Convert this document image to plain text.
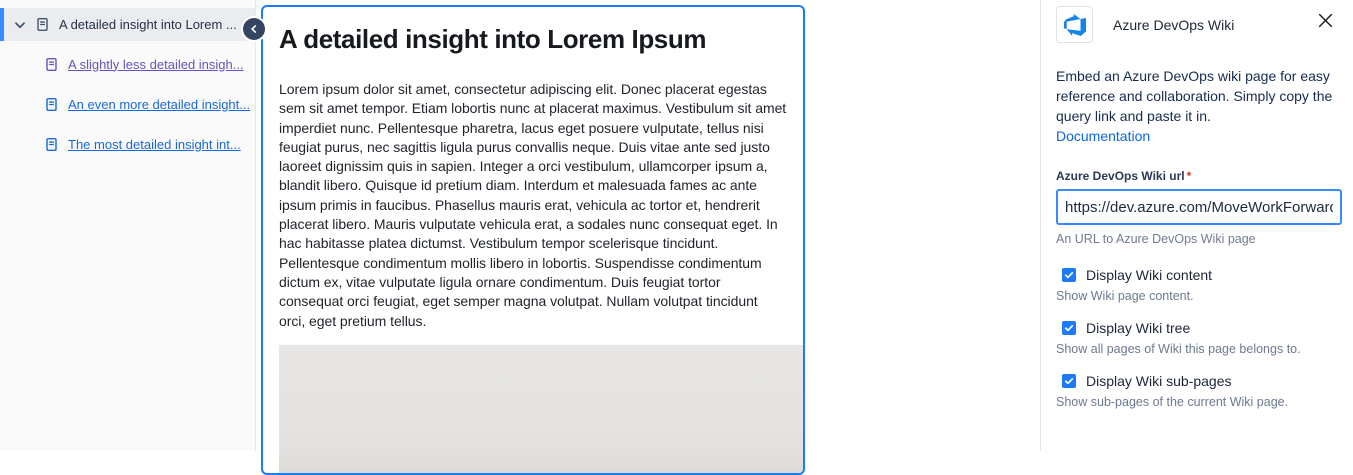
A detailed insight into Lorem ...
A slightly less detailed insigh...
An even more detailed insight...
The most detailed insight int...
A detailed insight into Lorem Ipsum

Lorem ipsum dolor sit amet, consectetur adipiscing elit. Donec placerat egestas sem sit amet tempor. Etiam lobortis nunc at placerat maximus. Vestibulum sit amet imperdiet nunc. Pellentesque pharetra, lacus eget posuere vulputate, tellus nisi feugiat purus, nec sagittis ligula purus convallis neque. Duis vitae ante sed justo laoreet dignissim quis in sapien. Integer a orci vestibulum, ullamcorper ipsum a, blandit libero. Quisque id pretium diam. Interdum et malesuada fames ac ante ipsum primis in faucibus. Phasellus mauris erat, vehicula ac tortor et, hendrerit placerat libero. Mauris vulputate vehicula erat, a sodales nunc consequat eget. In hac habitasse platea dictumst. Vestibulum tempor scelerisque tincidunt. Pellentesque condimentum mollis libero in lobortis. Suspendisse condimentum dictum ex, vitae vulputate ligula ornare condimentum. Duis feugiat tortor consequat orci feugiat, eget semper magna volutpat. Nullam volutpat tincidunt orci, eget pretium tellus.

Azure DevOps Wiki

Embed an Azure DevOps wiki page for easy reference and collaboration. Simply copy the query link and paste it in.

Documentation
Azure DevOps Wiki url *
https://dev.azure.com/MoveWorkForward/P
An URL to Azure DevOps Wiki page
Display Wiki content
Show Wiki page content.
Display Wiki tree
Show all pages of Wiki this page belongs to.
Display Wiki sub-pages
Show sub-pages of the current Wiki page.
